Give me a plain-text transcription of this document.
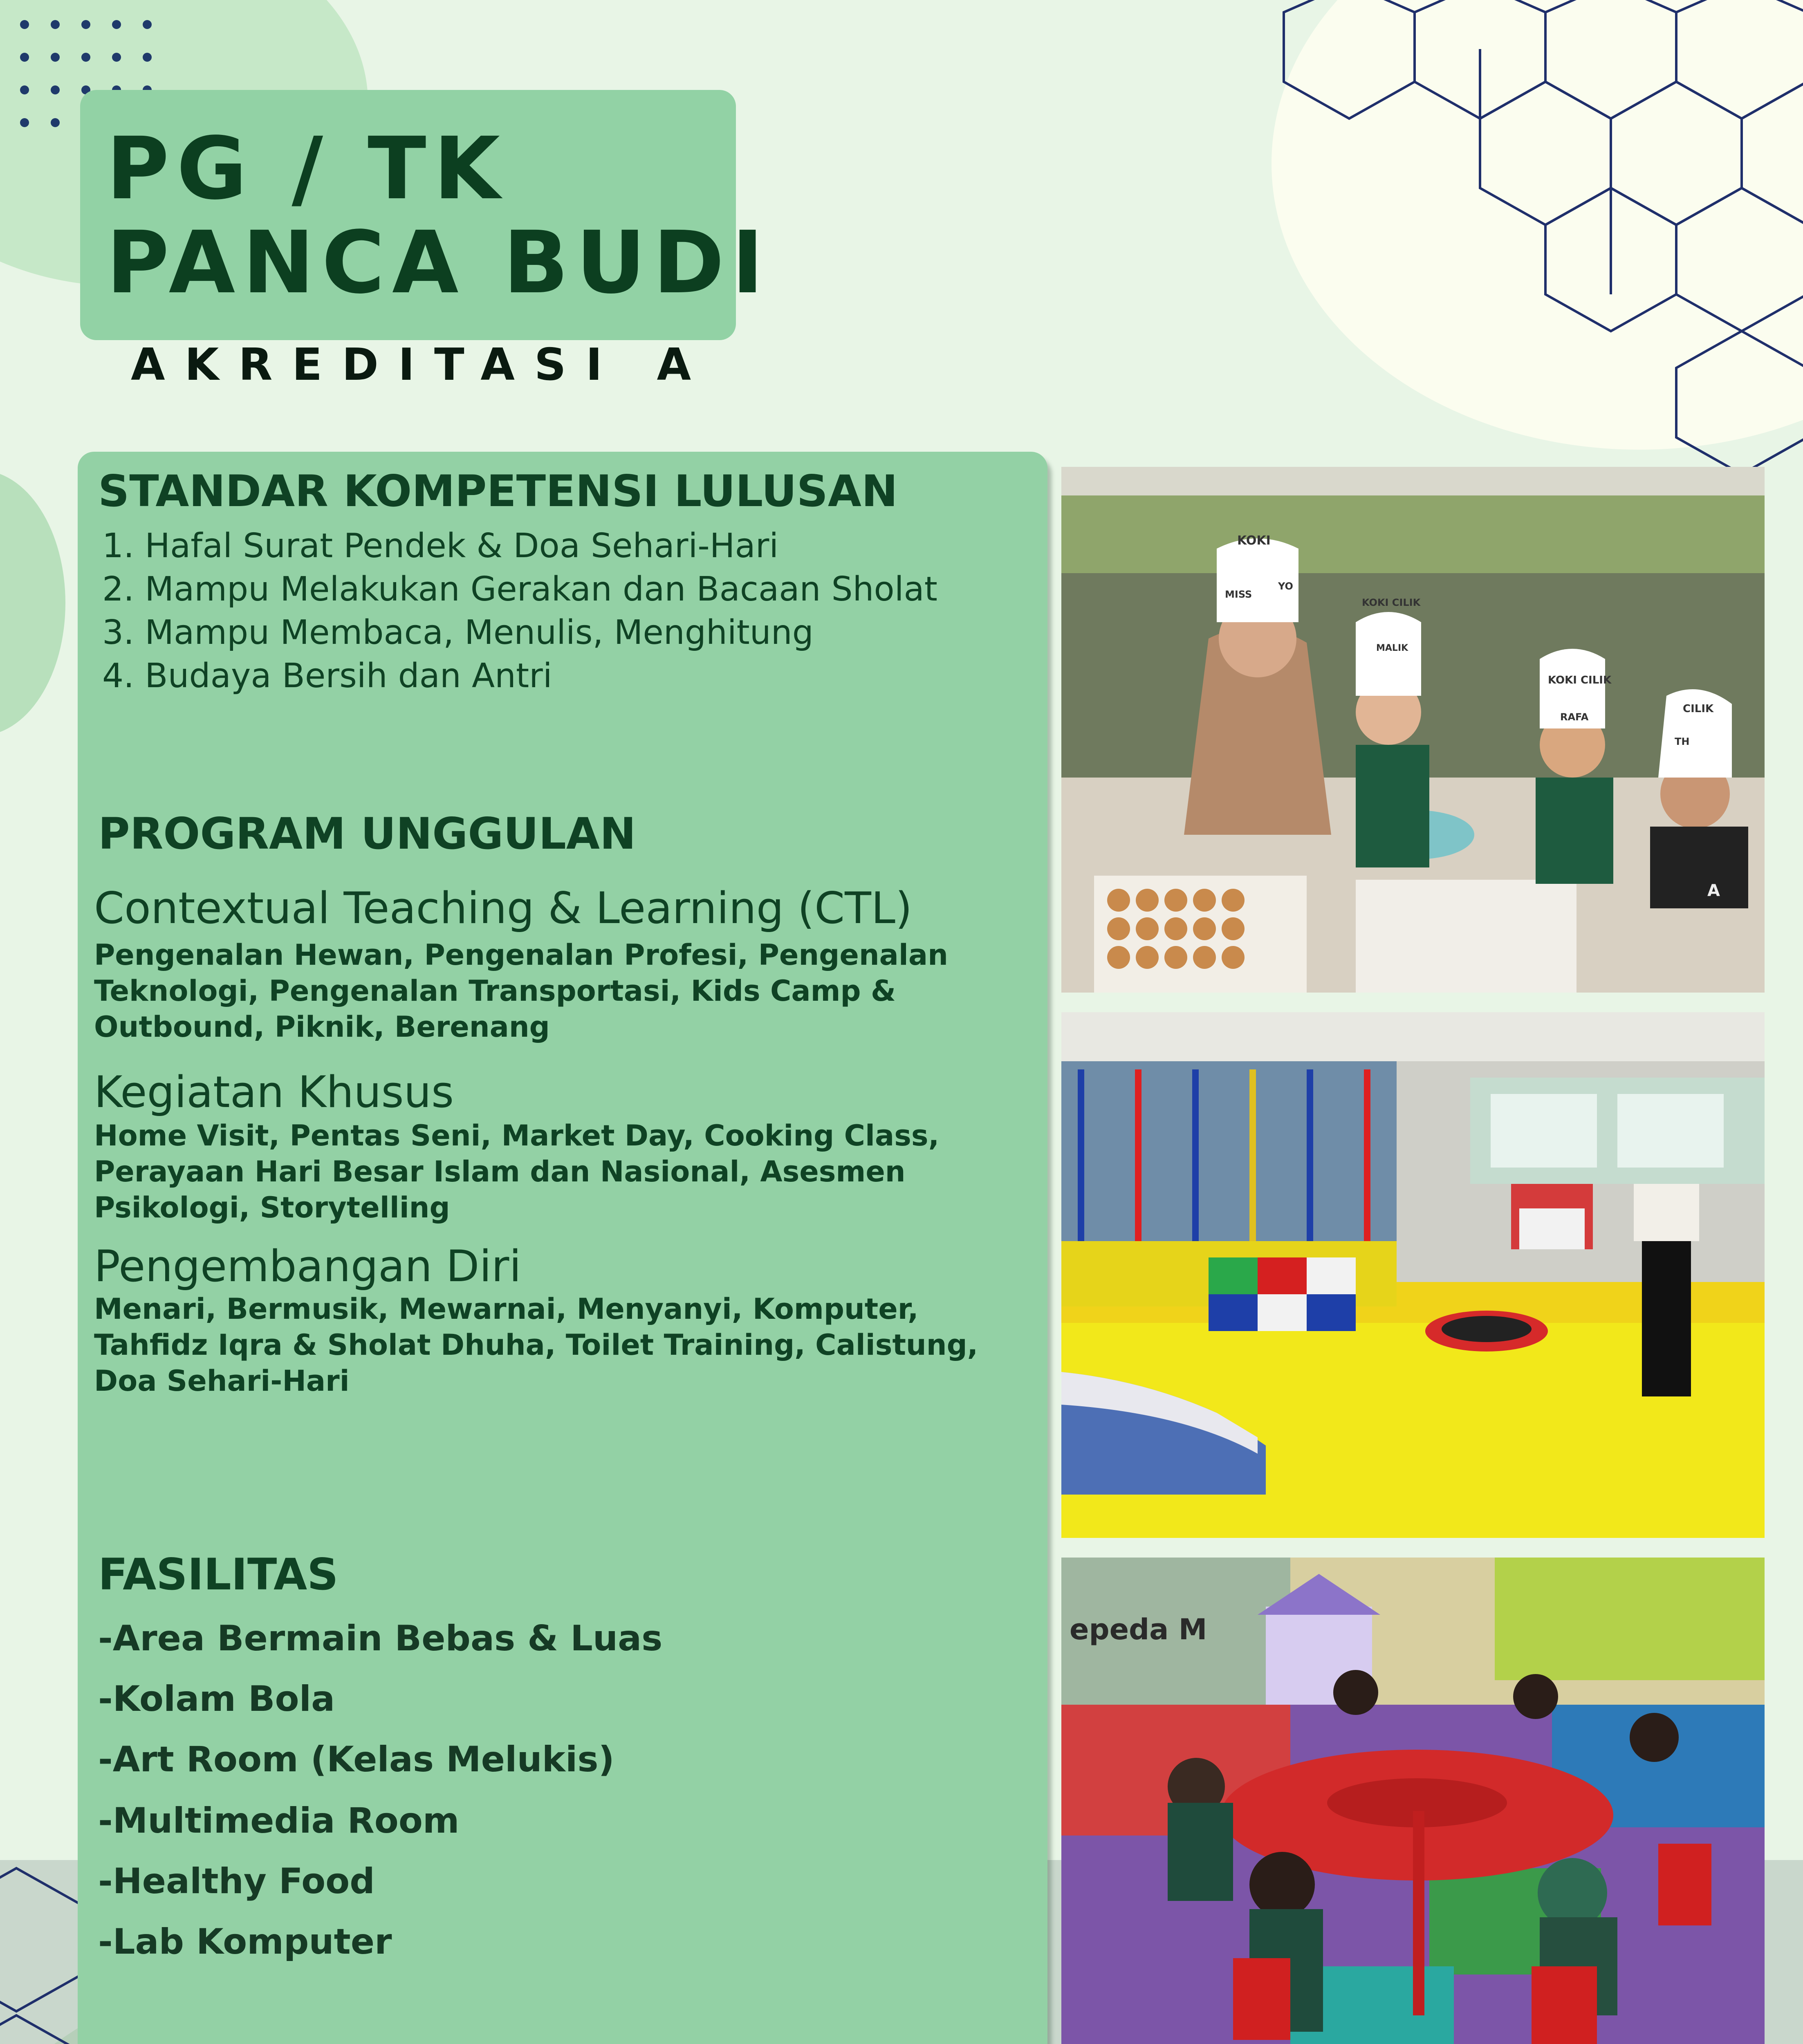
PG / TK
PANCA BUDI
AKREDITASI A
STANDAR KOMPETENSI LULUSAN
1. Hafal Surat Pendek & Doa Sehari-Hari
2. Mampu Melakukan Gerakan dan Bacaan Sholat
3. Mampu Membaca, Menulis, Menghitung
4. Budaya Bersih dan Antri
PROGRAM UNGGULAN
Contextual Teaching & Learning (CTL)
Pengenalan Hewan, Pengenalan Profesi, Pengenalan Teknologi, Pengenalan Transportasi, Kids Camp & Outbound, Piknik, Berenang
Kegiatan Khusus
Home Visit, Pentas Seni, Market Day, Cooking Class, Perayaan Hari Besar Islam dan Nasional, Asesmen Psikologi, Storytelling
Pengembangan Diri
Menari, Bermusik, Mewarnai, Menyanyi, Komputer, Tahfidz Iqra & Sholat Dhuha, Toilet Training, Calistung, Doa Sehari-Hari
FASILITAS
-Area Bermain Bebas & Luas
-Kolam Bola
-Art Room (Kelas Melukis)
-Multimedia Room
-Healthy Food
-Lab Komputer
KOKI
MISS
YO
KOKI CILIK
MALIK
KOKI CILIK
RAFA
CILIK
TH
A
epeda M
